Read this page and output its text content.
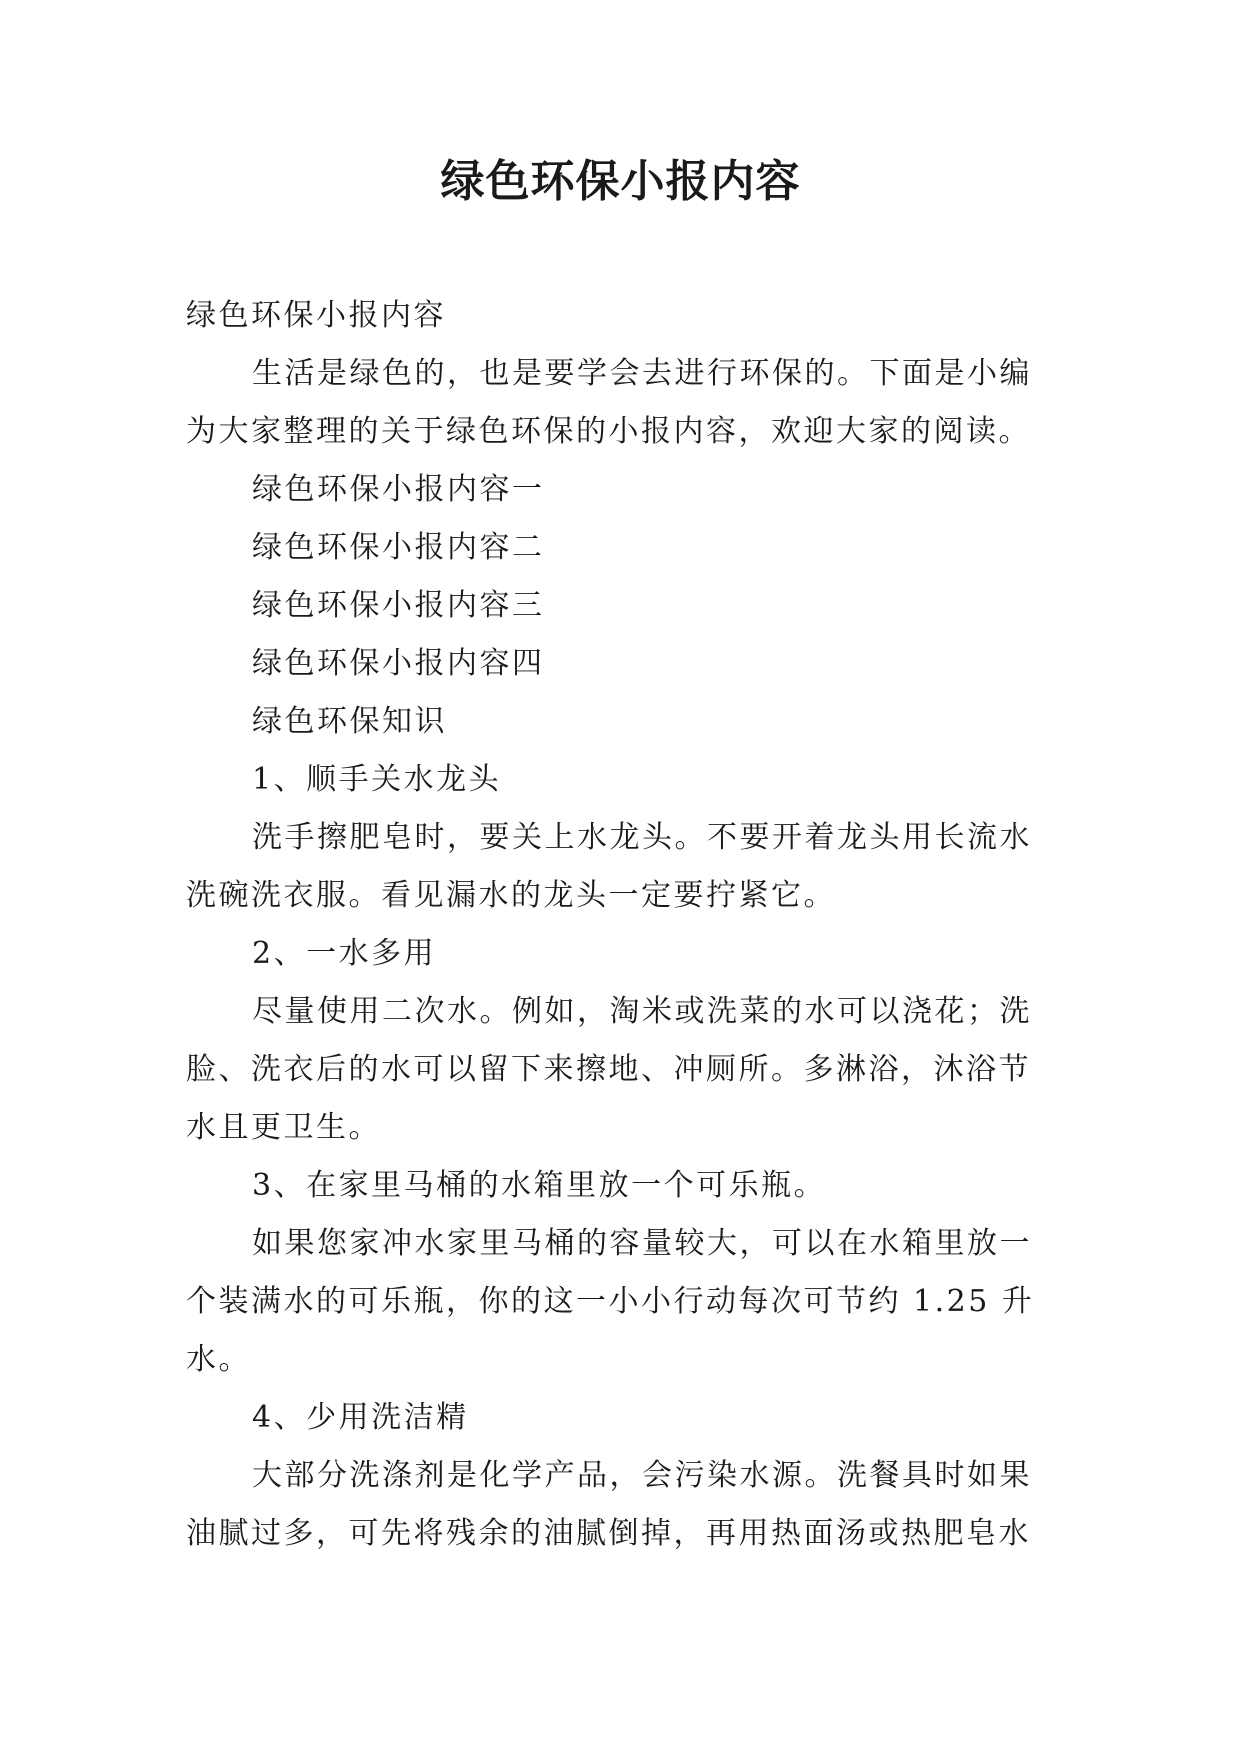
绿色环保小报内容
绿色环保小报内容
生活是绿色的，也是要学会去进行环保的。下面是小编
为大家整理的关于绿色环保的小报内容，欢迎大家的阅读。
绿色环保小报内容一
绿色环保小报内容二
绿色环保小报内容三
绿色环保小报内容四
绿色环保知识
1、顺手关水龙头
洗手擦肥皂时，要关上水龙头。不要开着龙头用长流水
洗碗洗衣服。看见漏水的龙头一定要拧紧它。
2、一水多用
尽量使用二次水。例如，淘米或洗菜的水可以浇花；洗
脸、洗衣后的水可以留下来擦地、冲厕所。多淋浴，沐浴节
水且更卫生。
3、在家里马桶的水箱里放一个可乐瓶。
如果您家冲水家里马桶的容量较大，可以在水箱里放一
个装满水的可乐瓶，你的这一小小行动每次可节约 1.25 升
水。
4、少用洗洁精
大部分洗涤剂是化学产品，会污染水源。洗餐具时如果
油腻过多，可先将残余的油腻倒掉，再用热面汤或热肥皂水
